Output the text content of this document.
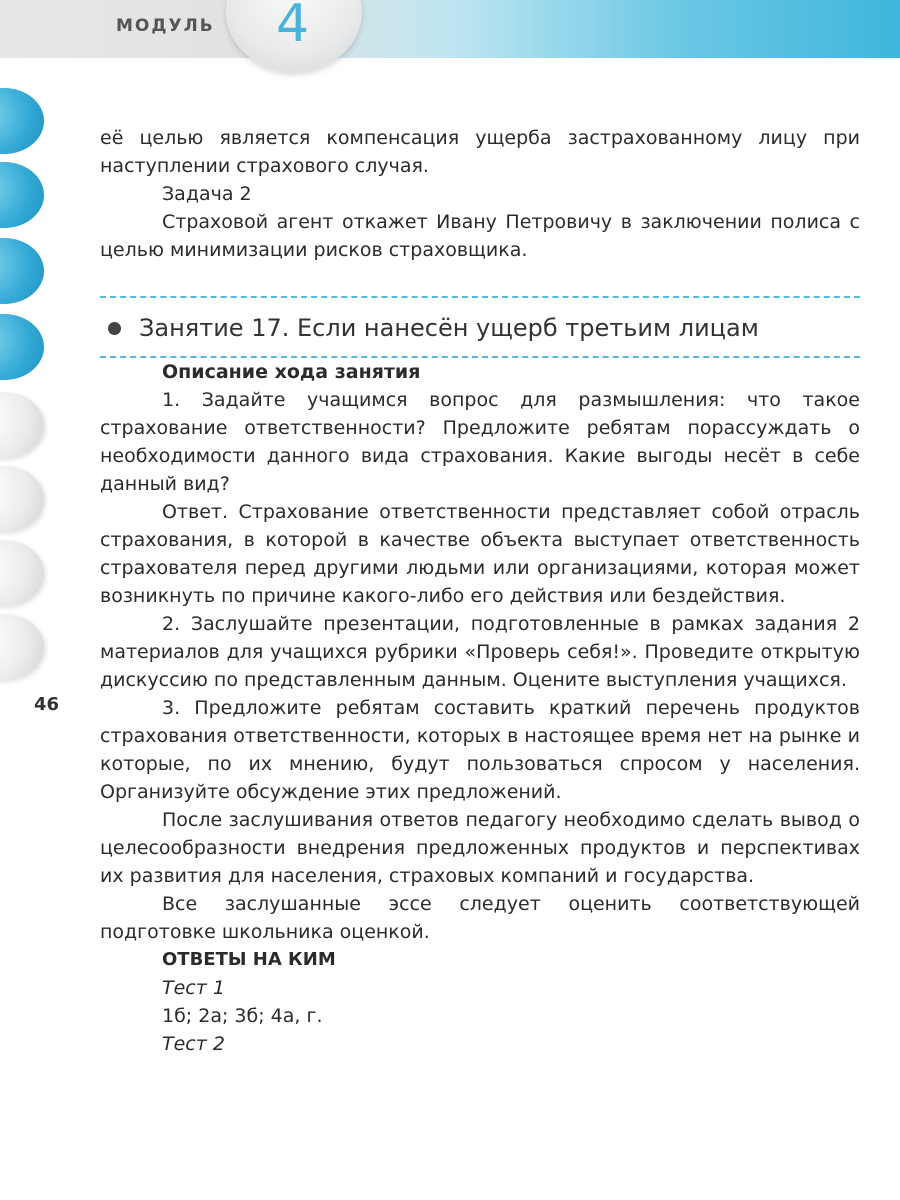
МОДУЛЬ 4
46

её целью является компенсация ущерба застрахованному лицу при наступлении страхового случая.

Задача 2

Страховой агент откажет Ивану Петровичу в заключении полиса с целью минимизации рисков страховщика.

Занятие 17. Если нанесён ущерб третьим лицам

Описание хода занятия

1. Задайте учащимся вопрос для размышления: что такое страхование ответственности? Предложите ребятам порассуждать о необходимости данного вида страхования. Какие выгоды несёт в себе данный вид?

Ответ. Страхование ответственности представляет собой отрасль страхования, в которой в качестве объекта выступает ответственность страхователя перед другими людьми или организациями, которая может возникнуть по причине какого-либо его действия или бездействия.

2. Заслушайте презентации, подготовленные в рамках задания 2 материалов для учащихся рубрики «Проверь себя!». Проведите открытую дискуссию по представленным данным. Оцените выступления учащихся.

3. Предложите ребятам составить краткий перечень продуктов страхования ответственности, которых в настоящее время нет на рынке и которые, по их мнению, будут пользоваться спросом у населения. Организуйте обсуждение этих предложений.

После заслушивания ответов педагогу необходимо сделать вывод о целесообразности внедрения предложенных продуктов и перспективах их развития для населения, страховых компаний и государства.

Все заслушанные эссе следует оценить соответствующей подготовке школьника оценкой.

ОТВЕТЫ НА КИМ

Тест 1

1б; 2а; 3б; 4а, г.

Тест 2
